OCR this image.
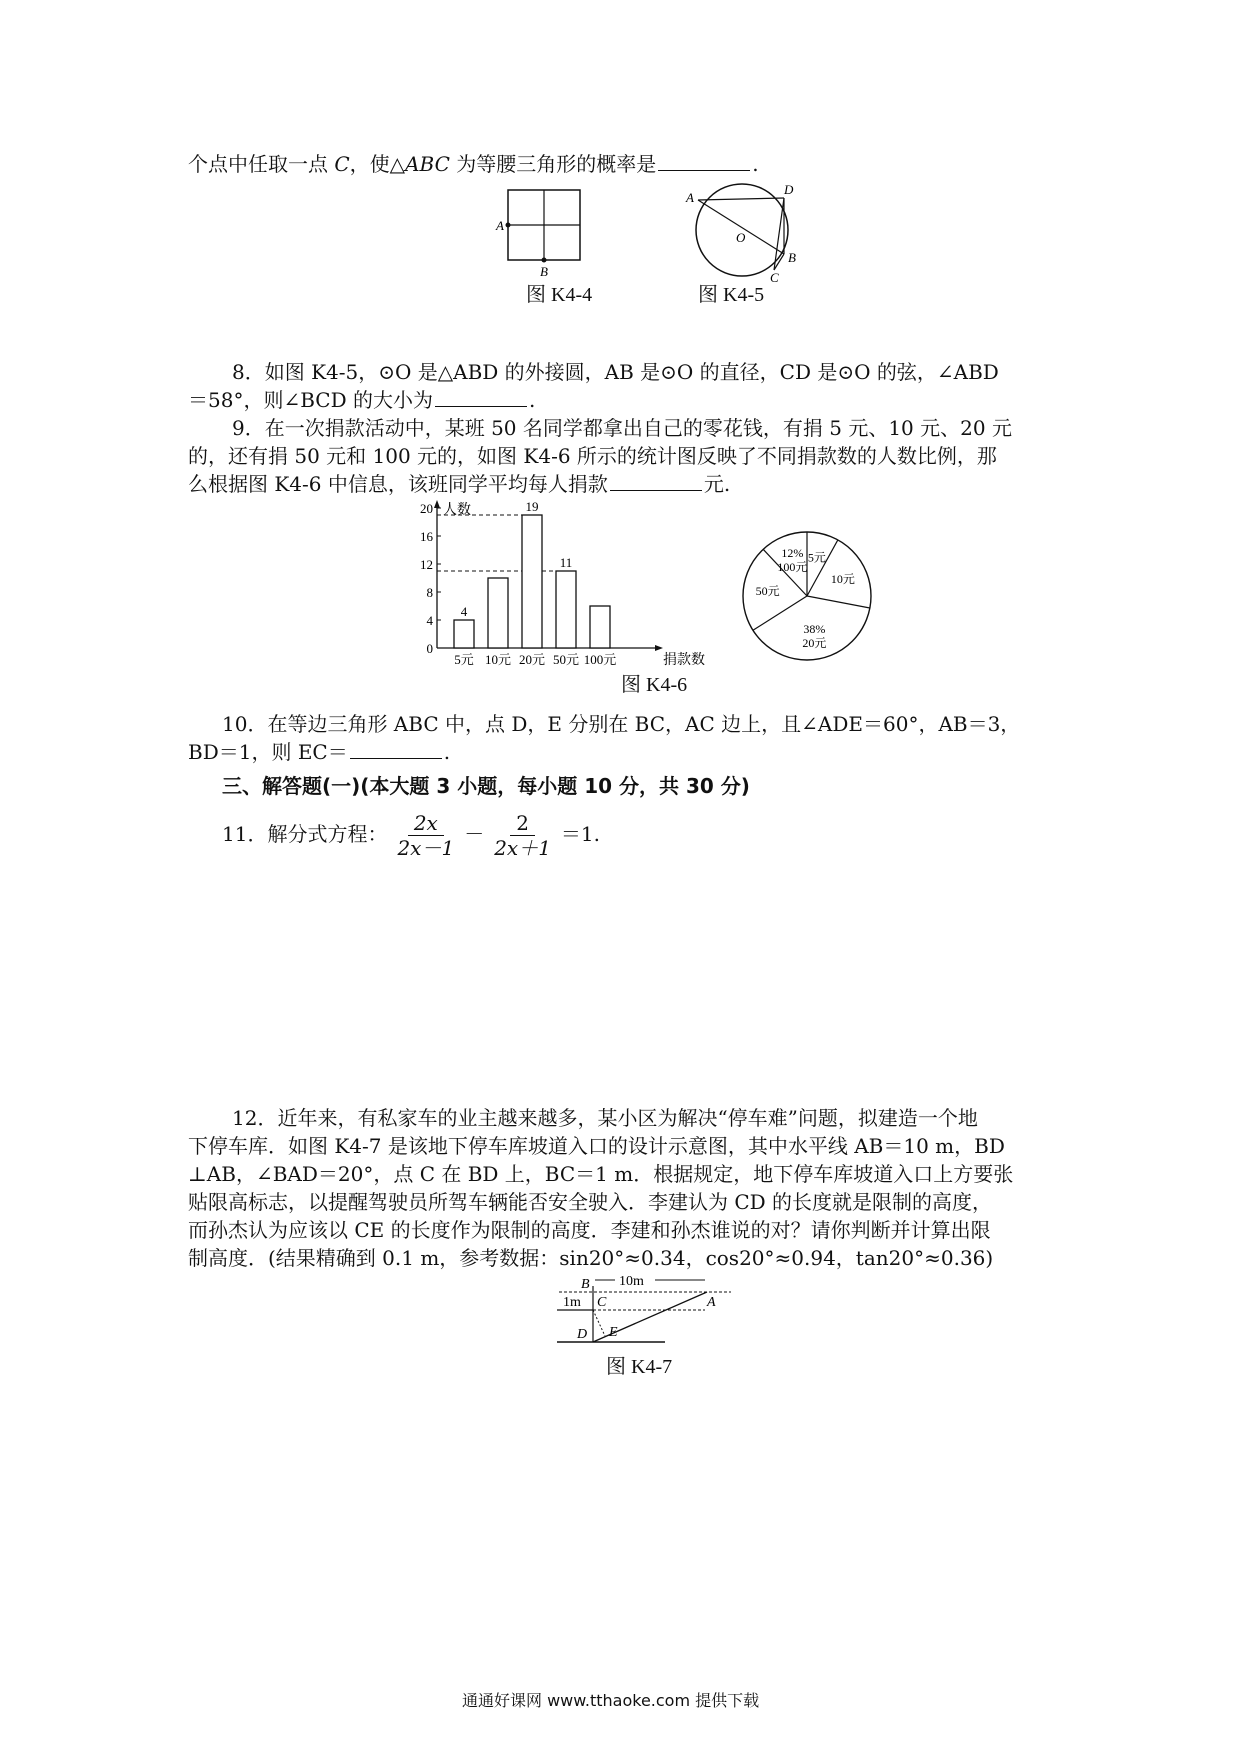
个点中任取一点 C，使△ABC 为等腰三角形的概率是	.
A
B
图 K4-4
A
D
O
B
C
图 K4-5
8．如图 K4-5，⊙O 是△ABD 的外接圆，AB 是⊙O 的直径，CD 是⊙O 的弦，∠ABD
＝58°，则∠BCD 的大小为	.
9．在一次捐款活动中，某班 50 名同学都拿出自己的零花钱，有捐 5 元、10 元、20 元
的，还有捐 50 元和 100 元的，如图 K4-6 所示的统计图反映了不同捐款数的人数比例，那
么根据图 K4-6 中信息，该班同学平均每人捐款	元.
人数
捐款数
0
4
8
12
16
20
5元 10元 20元 50元 100元
4
19
11
12%
100元
5元
10元
38%
20元
50元
图 K4-6
10．在等边三角形 ABC 中，点 D，E 分别在 BC，AC 边上，且∠ADE＝60°，AB＝3，
BD＝1，则 EC＝	.
三、解答题(一)(本大题 3 小题，每小题 10 分，共 30 分)
11．解分式方程： $\frac{2x}{2x-1} - \frac{2}{2x+1} =1$.
12．近年来，有私家车的业主越来越多，某小区为解决“停车难”问题，拟建造一个地
下停车库．如图 K4-7 是该地下停车库坡道入口的设计示意图，其中水平线 AB＝10 m，BD
⊥AB，∠BAD＝20°，点 C 在 BD 上，BC＝1 m．根据规定，地下停车库坡道入口上方要张
贴限高标志，以提醒驾驶员所驾车辆能否安全驶入．李建认为 CD 的长度就是限制的高度，
而孙杰认为应该以 CE 的长度作为限制的高度．李建和孙杰谁说的对？请你判断并计算出限
制高度．(结果精确到 0.1 m，参考数据：sin20°≈0.34，cos20°≈0.94，tan20°≈0.36)
B 10m
A
1m C
D E
图 K4-7
通通好课网 www.tthaoke.com 提供下载
